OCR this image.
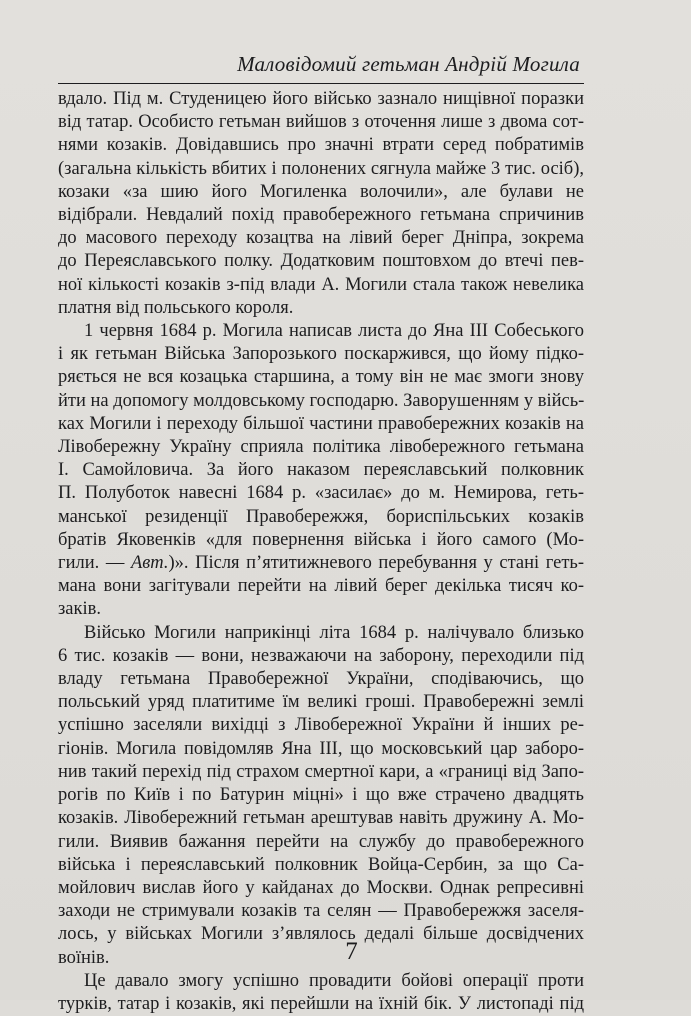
Маловідомий гетьман Андрій Могила

вдало. Під м. Студеницею його військо зазнало нищівної поразки
від татар. Особисто гетьман вийшов з оточення лише з двома сот-
нями козаків. Довідавшись про значні втрати серед побратимів
(загальна кількість вбитих і полонених сягнула майже 3 тис. осіб),
козаки «за шию його Могиленка волочили», але булави не
відібрали. Невдалий похід правобережного гетьмана спричинив
до масового переходу козацтва на лівий берег Дніпра, зокрема
до Переяславського полку. Додатковим поштовхом до втечі пев-
ної кількості козаків з-під влади А. Могили стала також невелика
платня від польського короля.

1 червня 1684 р. Могила написав листа до Яна III Собеського
і як гетьман Війська Запорозького поскаржився, що йому підко-
ряється не вся козацька старшина, а тому він не має змоги знову
йти на допомогу молдовському господарю. Заворушенням у війсь-
ках Могили і переходу більшої частини правобережних козаків на
Лівобережну Україну сприяла політика лівобережного гетьмана
І. Самойловича. За його наказом переяславський полковник
П. Полуботок навесні 1684 р. «засилає» до м. Немирова, геть-
манської резиденції Правобережжя, бориспільських козаків
братів Яковенків «для повернення війська і його самого (Мо-
гили. — Авт.)». Після п’ятитижневого перебування у стані геть-
мана вони загітували перейти на лівий берег декілька тисяч ко-
заків.

Військо Могили наприкінці літа 1684 р. налічувало близько
6 тис. козаків — вони, незважаючи на заборону, переходили під
владу гетьмана Правобережної України, сподіваючись, що
польський уряд платитиме їм великі гроші. Правобережні землі
успішно заселяли вихідці з Лівобережної України й інших ре-
гіонів. Могила повідомляв Яна III, що московський цар заборо-
нив такий перехід під страхом смертної кари, а «границі від Запо-
рогів по Київ і по Батурин міцні» і що вже страчено двадцять
козаків. Лівобережний гетьман арештував навіть дружину А. Мо-
гили. Виявив бажання перейти на службу до правобережного
війська і переяславський полковник Войца-Сербин, за що Са-
мойлович вислав його у кайданах до Москви. Однак репресивні
заходи не стримували козаків та селян — Правобережжя заселя-
лось, у військах Могили з’являлось дедалі більше досвідчених
воїнів.

Це давало змогу успішно провадити бойові операції проти
турків, татар і козаків, які перейшли на їхній бік. У листопаді під

7
